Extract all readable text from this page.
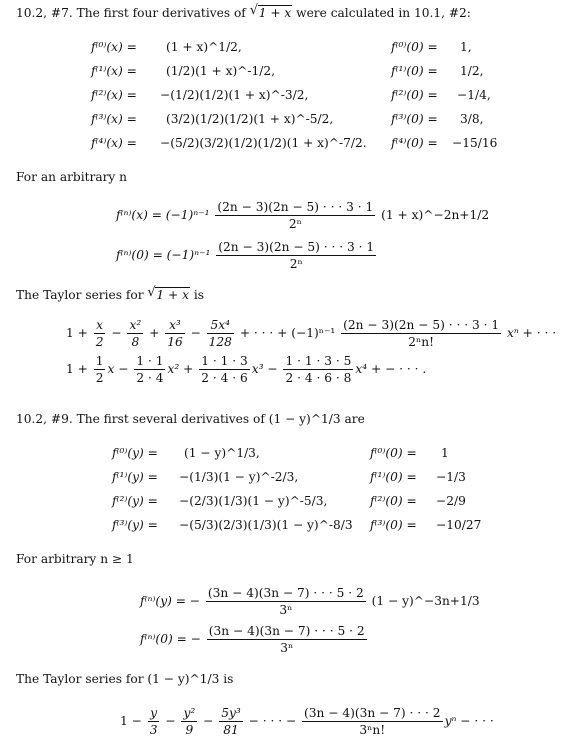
10.2, #7. The first four derivatives of √ 1 + x were calculated in 10.1, #2:
f⁽⁰⁾(x) = (1 + x)^1/2,	f⁽⁰⁾(0) = 1,
f⁽¹⁾(x) = (1/2)(1 + x)^-1/2,	f⁽¹⁾(0) = 1/2,
f⁽²⁾(x) = −(1/2)(1/2)(1 + x)^-3/2,	f⁽²⁾(0) = −1/4,
f⁽³⁾(x) = (3/2)(1/2)(1/2)(1 + x)^-5/2,	f⁽³⁾(0) = 3/8,
f⁽⁴⁾(x) = −(5/2)(3/2)(1/2)(1/2)(1 + x)^-7/2. f⁽⁴⁾(0) = −15/16
For an arbitrary n
$f^{(n)}(x) = (-1)^{n-1} \frac{(2n - 3)(2n - 5) \cdot \cdot \cdot 3 \cdot 1}{\text{2ⁿ}} (1$ + x)^−2n+1/2
$f^{(n)}(0) = (-1)^{n-1} \frac{(2n - 3)(2n - 5) \cdot \cdot \cdot 3 \cdot 1}{\text{2ⁿ}}$
The Taylor series for √ 1 + x is
$1 + \frac{x}{2} - \frac{\text{x²}}{8} + \frac{\text{x³}}{16} - \frac{\text{5x⁴}}{128}$ + · · · + $(-1)^{n-1} \frac{(2n - 3)(2n - 5) \cdot \cdot \cdot 3 \cdot 1}{\text{2ⁿn!}}$ xⁿ + · · ·
$1 + \frac{1}{2}$ $x - \frac{1 \cdot 1}{2 \cdot 4} x^2 + \frac{1 \cdot 1 \cdot 3}{2 \cdot 4 \cdot 6} x^3 - \frac{1 \cdot 1 \cdot 3 \cdot 5}{2 \cdot 4 \cdot 6 \cdot 8} x^4$ + − · · · .
10.2, #9. The first several derivatives of (1 − y)^1/3 are
f⁽⁰⁾(y) = (1 − y)^1/3,	f⁽⁰⁾(0) = 1
f⁽¹⁾(y) = −(1/3)(1 − y)^-2/3,	f⁽¹⁾(0) = −1/3
f⁽²⁾(y) = −(2/3)(1/3)(1 − y)^-5/3,	f⁽²⁾(0) = −2/9
f⁽³⁾(y) = −(5/3)(2/3)(1/3)(1 − y)^-8/3 f⁽³⁾(0) = −10/27
For arbitrary n ≥ 1
f⁽ⁿ⁾(y) = − $\frac{(3n - 4)(3n - 7) \cdot \cdot \cdot 5 \cdot 2}{\text{3ⁿ}} (1$ − y)^−3n+1/3
f⁽ⁿ⁾(0) = − $\frac{(3n - 4)(3n - 7) \cdot \cdot \cdot 5 \cdot 2}{\text{3ⁿ}}$
The Taylor series for (1 − y)^1/3 is
$1 - \frac{y}{3} - \frac{\text{y²}}{9} - \frac{\text{5y³}}{81}$ − · · · − $\frac{(3n - 4)(3n - 7) \cdot \cdot \cdot 2}{\text{3ⁿn!}}$ yⁿ − · · ·
